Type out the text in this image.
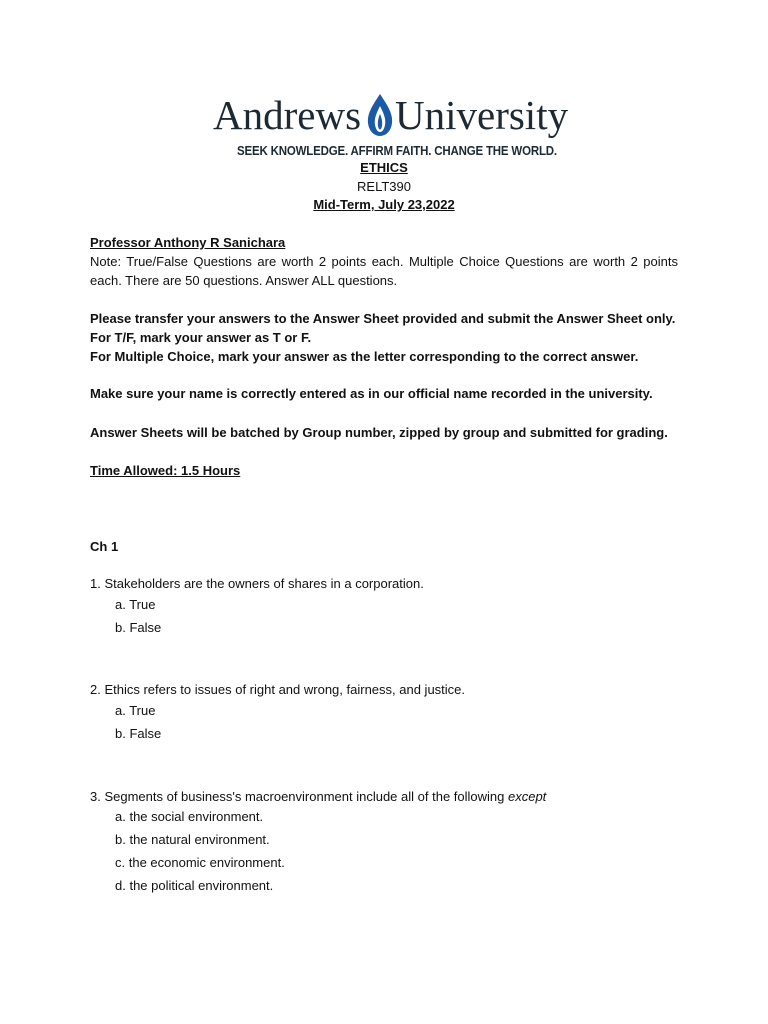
Andrews University
SEEK KNOWLEDGE. AFFIRM FAITH. CHANGE THE WORLD.
ETHICS
RELT390
Mid-Term, July 23,2022
Professor Anthony R Sanichara
Note: True/False Questions are worth 2 points each. Multiple Choice Questions are worth 2 points each. There are 50 questions. Answer ALL questions.
Please transfer your answers to the Answer Sheet provided and submit the Answer Sheet only.
For T/F, mark your answer as T or F.
For Multiple Choice, mark your answer as the letter corresponding to the correct answer.
Make sure your name is correctly entered as in our official name recorded in the university.
Answer Sheets will be batched by Group number, zipped by group and submitted for grading.
Time Allowed: 1.5 Hours
Ch 1
1. Stakeholders are the owners of shares in a corporation.
a. True
b. False
2. Ethics refers to issues of right and wrong, fairness, and justice.
a. True
b. False
3. Segments of business's macroenvironment include all of the following except
a. the social environment.
b. the natural environment.
c. the economic environment.
d. the political environment.
